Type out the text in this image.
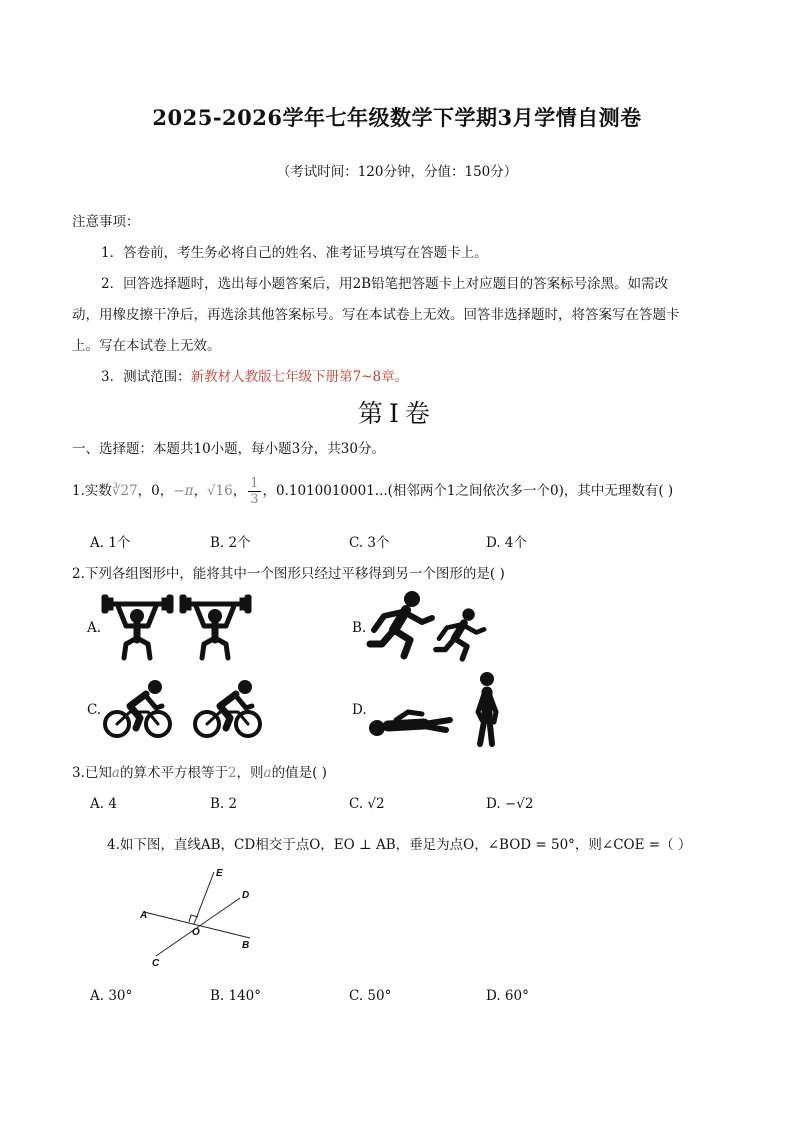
2025-2026学年七年级数学下学期3月学情自测卷
（考试时间：120分钟，分值：150分）
注意事项：
1．答卷前，考生务必将自己的姓名、准考证号填写在答题卡上。
2．回答选择题时，选出每小题答案后，用2B铅笔把答题卡上对应题目的答案标号涂黑。如需改
动，用橡皮擦干净后，再选涂其他答案标号。写在本试卷上无效。回答非选择题时，将答案写在答题卡
上。写在本试卷上无效。
3．测试范围：新教材人教版七年级下册第7~8章。
第Ⅰ卷
一、选择题：本题共10小题，每小题3分，共30分。
1.实数∛27，0，−π，√16， $\frac{1}{3}$ ，0.1010010001...(相邻两个1之间依次多一个0)，其中无理数有( )
A. 1个	B. 2个	C. 3个	D. 4个
2.下列各组图形中，能将其中一个图形只经过平移得到另一个图形的是( )
A.	B.
C.	D.
3.已知a的算术平方根等于2，则a的值是( )
A. 4	B. 2	C. √2	D. −√2
4.如下图，直线AB，CD相交于点O，EO ⊥ AB，垂足为点O，∠BOD = 50°，则∠COE =（ ）
E
D
A
O
B
C
A. 30°	B. 140°	C. 50°	D. 60°
